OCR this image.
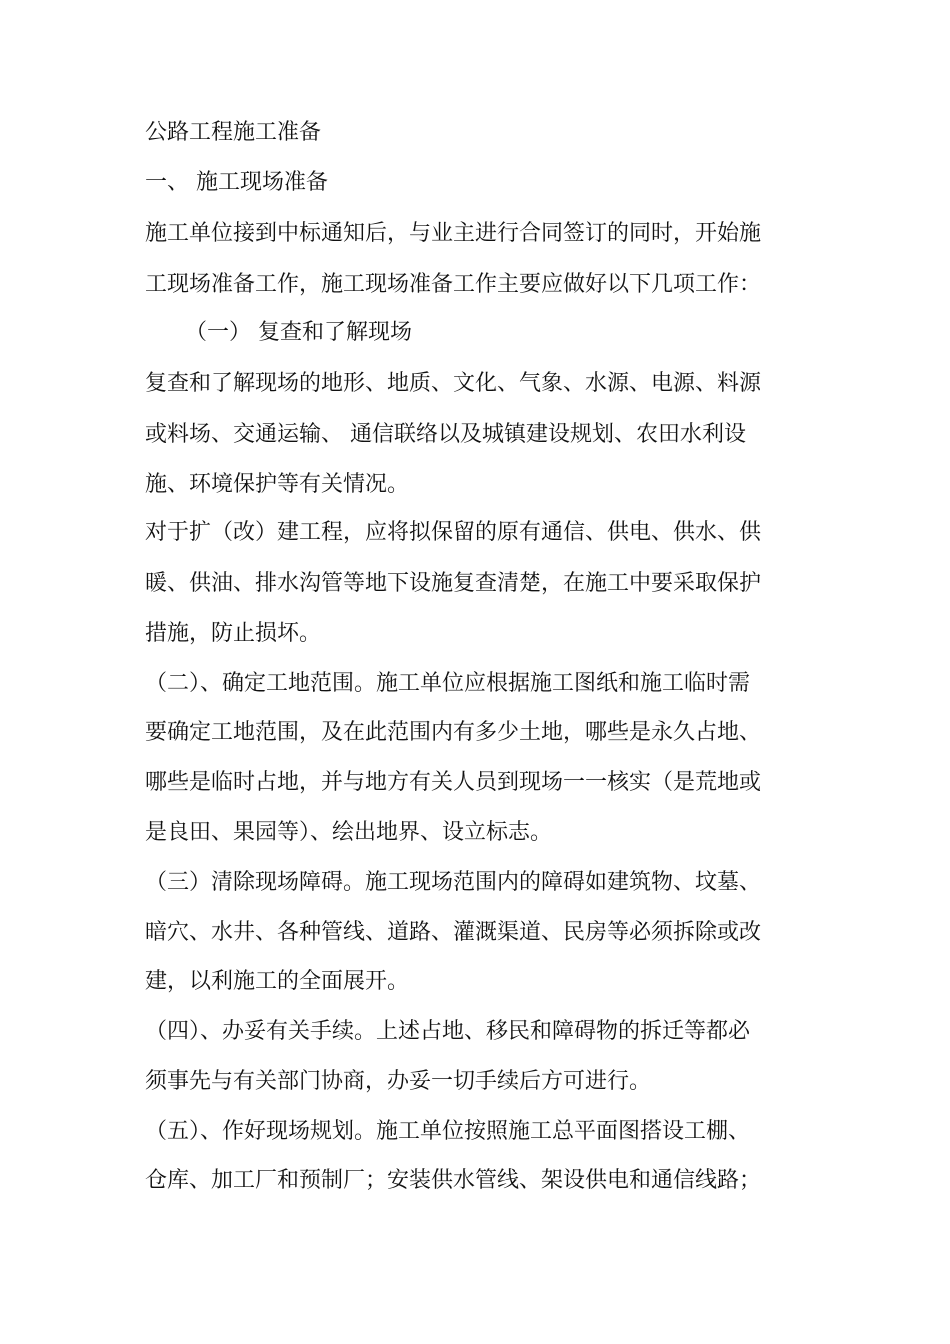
公路工程施工准备
一、 施工现场准备
施工单位接到中标通知后，与业主进行合同签订的同时，开始施
工现场准备工作，施工现场准备工作主要应做好以下几项工作：
（一） 复查和了解现场
复查和了解现场的地形、地质、文化、气象、水源、电源、料源
或料场、交通运输、 通信联络以及城镇建设规划、农田水利设
施、环境保护等有关情况。
对于扩（改）建工程，应将拟保留的原有通信、供电、供水、供
暖、供油、排水沟管等地下设施复查清楚，在施工中要采取保护
措施，防止损坏。
（二）、确定工地范围。施工单位应根据施工图纸和施工临时需
要确定工地范围，及在此范围内有多少土地，哪些是永久占地、
哪些是临时占地，并与地方有关人员到现场一一核实（是荒地或
是良田、果园等）、绘出地界、设立标志。
（三）清除现场障碍。施工现场范围内的障碍如建筑物、坟墓、
暗穴、水井、各种管线、道路、灌溉渠道、民房等必须拆除或改
建，以利施工的全面展开。
（四）、办妥有关手续。上述占地、移民和障碍物的拆迁等都必
须事先与有关部门协商，办妥一切手续后方可进行。
（五）、作好现场规划。施工单位按照施工总平面图搭设工棚、
仓库、加工厂和预制厂；安装供水管线、架设供电和通信线路；
